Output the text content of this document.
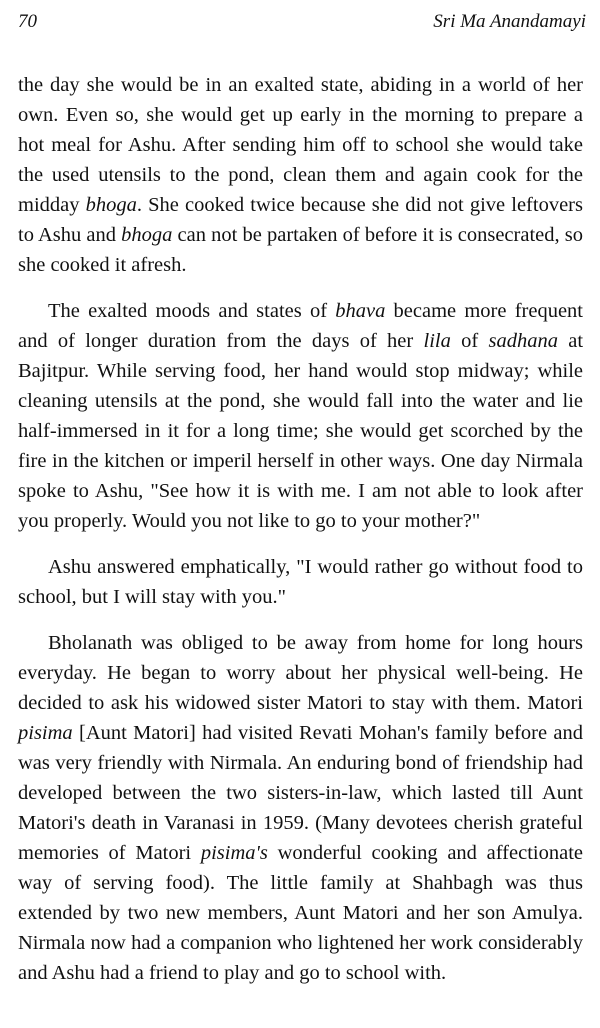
70	Sri Ma Anandamayi

the day she would be in an exalted state, abiding in a world of her own. Even so, she would get up early in the morning to prepare a hot meal for Ashu. After sending him off to school she would take the used utensils to the pond, clean them and again cook for the midday bhoga. She cooked twice because she did not give leftovers to Ashu and bhoga can not be partaken of before it is consecrated, so she cooked it afresh.

The exalted moods and states of bhava became more frequent and of longer duration from the days of her lila of sadhana at Bajitpur. While serving food, her hand would stop midway; while cleaning utensils at the pond, she would fall into the water and lie half-immersed in it for a long time; she would get scorched by the fire in the kitchen or imperil herself in other ways. One day Nirmala spoke to Ashu, "See how it is with me. I am not able to look after you properly. Would you not like to go to your mother?"

Ashu answered emphatically, "I would rather go without food to school, but I will stay with you."

Bholanath was obliged to be away from home for long hours everyday. He began to worry about her physical well-being. He decided to ask his widowed sister Matori to stay with them. Matori pisima [Aunt Matori] had visited Revati Mohan's family before and was very friendly with Nirmala. An enduring bond of friendship had developed between the two sisters-in-law, which lasted till Aunt Matori's death in Varanasi in 1959. (Many devotees cherish grateful memories of Matori pisima's wonderful cooking and affectionate way of serving food). The little family at Shahbagh was thus extended by two new members, Aunt Matori and her son Amulya. Nirmala now had a companion who lightened her work considerably and Ashu had a friend to play and go to school with.
